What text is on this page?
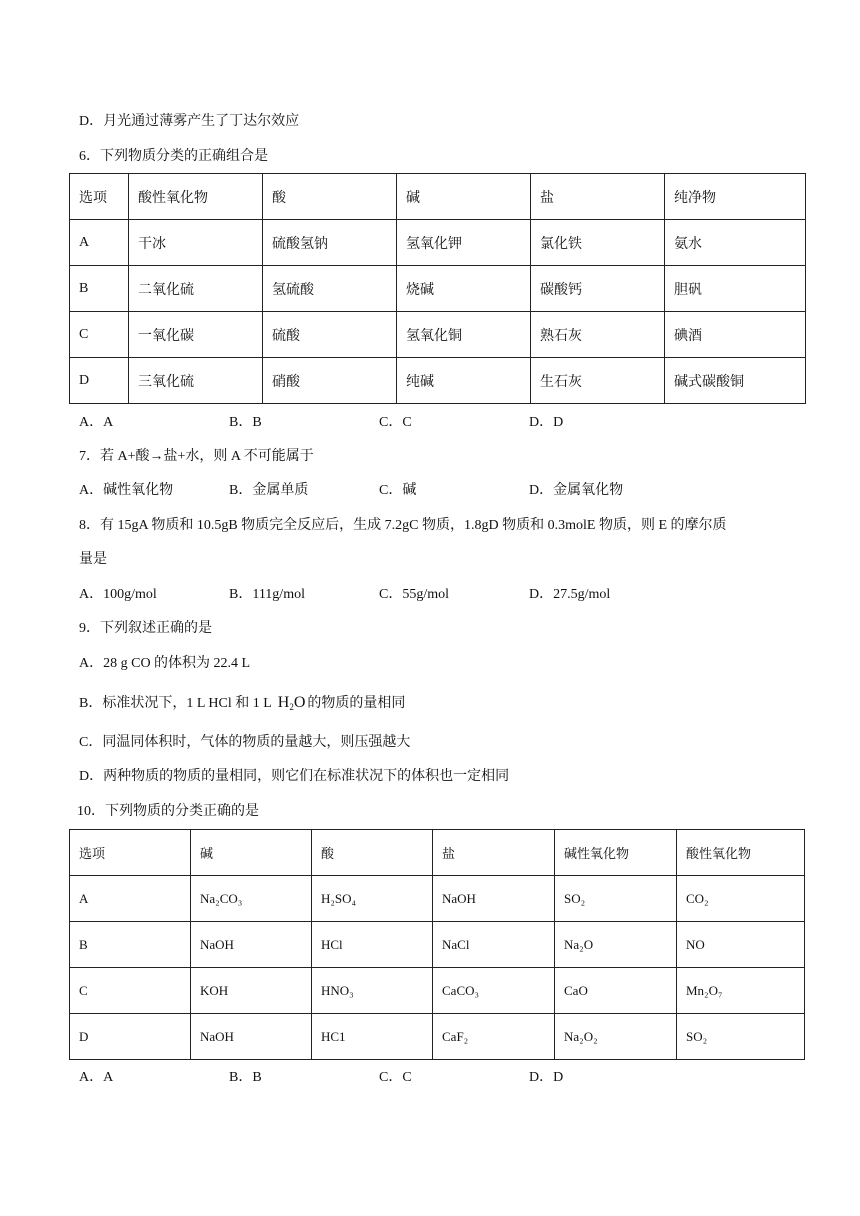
D．月光通过薄雾产生了丁达尔效应
6．下列物质分类的正确组合是
选项	酸性氧化物	酸	碱	盐	纯净物
A	干冰	硫酸氢钠	氢氧化钾	氯化铁	氨水
B	二氧化硫	氢硫酸	烧碱	碳酸钙	胆矾
C	一氧化碳	硫酸	氢氧化铜	熟石灰	碘酒
D	三氧化硫	硝酸	纯碱	生石灰	碱式碳酸铜
A．A	B．B	C．C	D．D
7．若 A+酸→盐+水，则 A 不可能属于
A．碱性氧化物	B．金属单质	C．碱	D．金属氧化物
8．有 15gA 物质和 10.5gB 物质完全反应后，生成 7.2gC 物质，1.8gD 物质和 0.3molE 物质，则 E 的摩尔质
量是
A．100g/mol	B．111g/mol	C．55g/mol	D．27.5g/mol
9．下列叙述正确的是
A．28 g CO 的体积为 22.4 L
B．标准状况下，1 L HCl 和 1 L $H_2O$ 的物质的量相同
C．同温同体积时，气体的物质的量越大，则压强越大
D．两种物质的物质的量相同，则它们在标准状况下的体积也一定相同
10．下列物质的分类正确的是
选项	碱	酸	盐	碱性氧化物	酸性氧化物
A	Na₂CO₃	H₂SO₄	NaOH	SO₂	CO₂
B	NaOH	HCl	NaCl	Na₂O	NO
C	KOH	HNO₃	CaCO₃	CaO	Mn₂O₇
D	NaOH	HC1	CaF₂	Na₂O₂	SO₂
A．A	B．B	C．C	D．D
